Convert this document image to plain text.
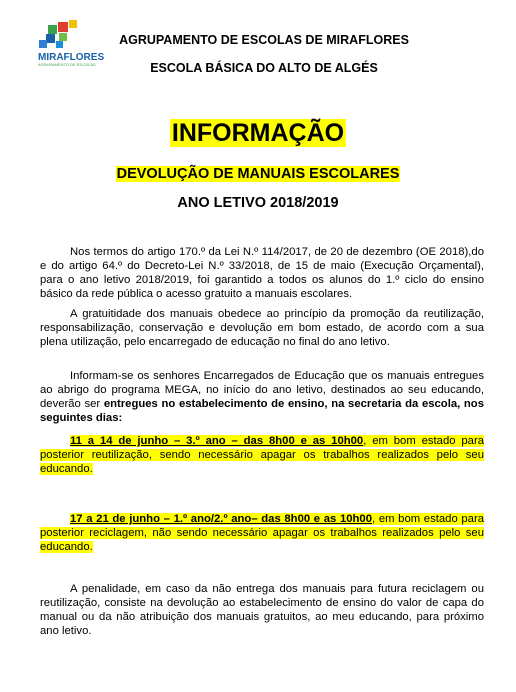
MIRAFLORES
AGRUPAMENTO DE ESCOLAS
AGRUPAMENTO DE ESCOLAS DE MIRAFLORES
ESCOLA BÁSICA DO ALTO DE ALGÉS
INFORMAÇÃO
DEVOLUÇÃO DE MANUAIS ESCOLARES
ANO LETIVO 2018/2019
Nos termos do artigo 170.º da Lei N.º 114/2017, de 20 de dezembro (OE 2018),do e do artigo 64.º do Decreto-Lei N.º 33/2018, de 15 de maio (Execução Orçamental), para o ano letivo 2018/2019, foi garantido a todos os alunos do 1.º ciclo do ensino básico da rede pública o acesso gratuito a manuais escolares.
A gratuitidade dos manuais obedece ao princípio da promoção da reutilização, responsabilização, conservação e devolução em bom estado, de acordo com a sua plena utilização, pelo encarregado de educação no final do ano letivo.
Informam-se os senhores Encarregados de Educação que os manuais entregues ao abrigo do programa MEGA, no início do ano letivo, destinados ao seu educando, deverão ser entregues no estabelecimento de ensino, na secretaria da escola, nos seguintes dias:
11 a 14 de junho – 3.º ano – das 8h00 e as 10h00, em bom estado para posterior reutilização, sendo necessário apagar os trabalhos realizados pelo seu educando.
17 a 21 de junho – 1.º ano/2.º ano– das 8h00 e as 10h00, em bom estado para posterior reciclagem, não sendo necessário apagar os trabalhos realizados pelo seu educando.
A penalidade, em caso da não entrega dos manuais para futura reciclagem ou reutilização, consiste na devolução ao estabelecimento de ensino do valor de capa do manual ou da não atribuição dos manuais gratuitos, ao meu educando, para próximo ano letivo.
